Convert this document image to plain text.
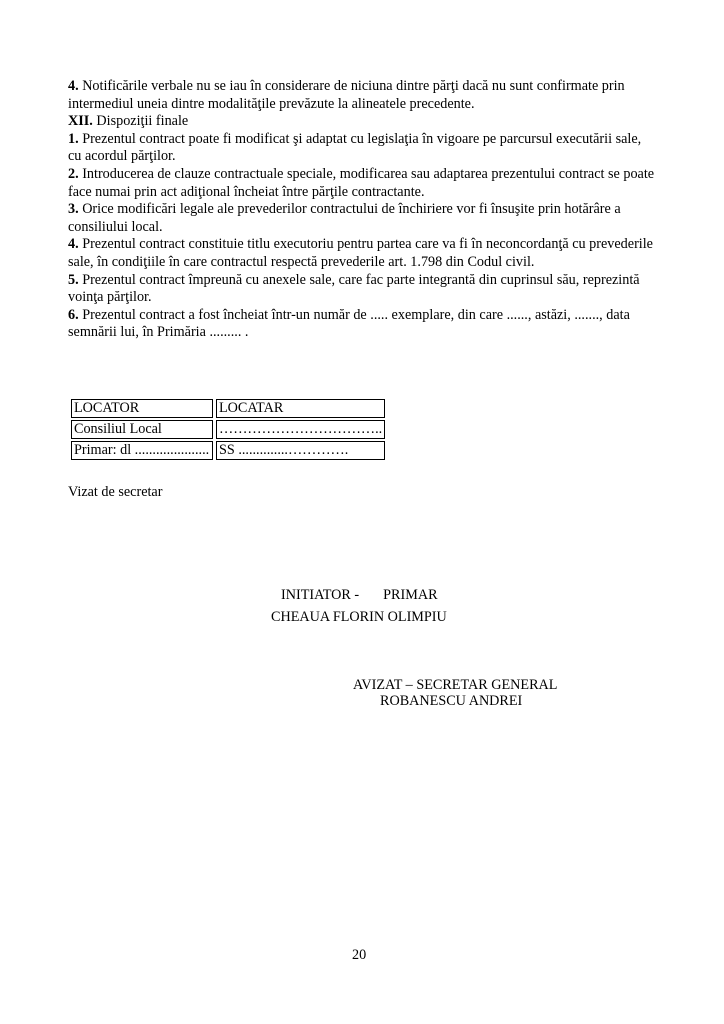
4. Notificările verbale nu se iau în considerare de niciuna dintre părţi dacă nu sunt confirmate prin intermediul uneia dintre modalităţile prevăzute la alineatele precedente.

XII. Dispoziţii finale

1. Prezentul contract poate fi modificat şi adaptat cu legislaţia în vigoare pe parcursul executării sale, cu acordul părţilor.

2. Introducerea de clauze contractuale speciale, modificarea sau adaptarea prezentului contract se poate face numai prin act adiţional încheiat între părţile contractante.

3. Orice modificări legale ale prevederilor contractului de închiriere vor fi însuşite prin hotărâre a consiliului local.

4. Prezentul contract constituie titlu executoriu pentru partea care va fi în neconcordanţă cu prevederile sale, în condiţiile în care contractul respectă prevederile art. 1.798 din Codul civil.

5. Prezentul contract împreună cu anexele sale, care fac parte integrantă din cuprinsul său, reprezintă voinţa părţilor.

6. Prezentul contract a fost încheiat într-un număr de ..... exemplare, din care ......, astăzi, ......., data semnării lui, în Primăria ......... .

LOCATOR	LOCATAR
Consiliul Local	……………………………..
Primar: dl .....................	SS ..............………….
Vizat de secretar
INITIATOR - PRIMAR
CHEAUA FLORIN OLIMPIU
AVIZAT – SECRETAR GENERAL
ROBANESCU ANDREI
20
